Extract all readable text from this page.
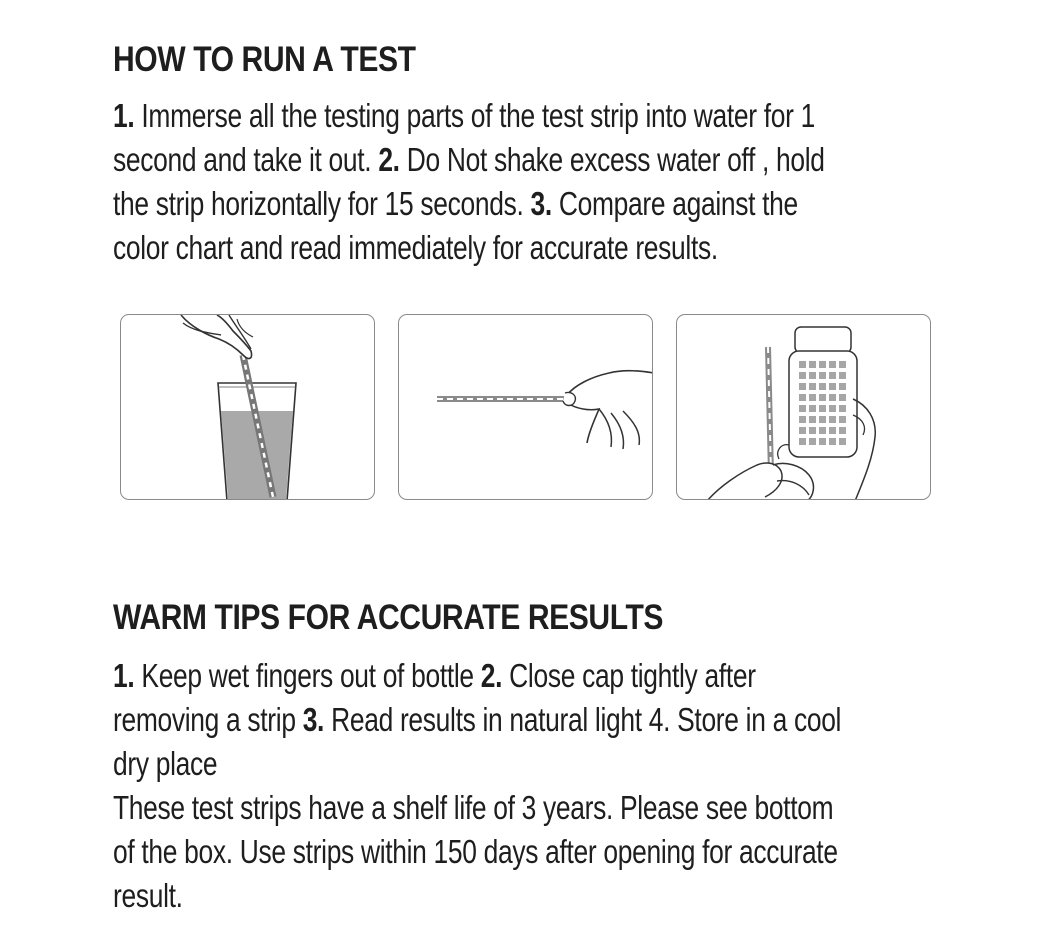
HOW TO RUN A TEST
1. Immerse all the testing parts of the test strip into water for 1
second and take it out. 2. Do Not shake excess water off , hold
the strip horizontally for 15 seconds. 3. Compare against the
color chart and read immediately for accurate results.
WARM TIPS FOR ACCURATE RESULTS
1. Keep wet fingers out of bottle 2. Close cap tightly after
removing a strip 3. Read results in natural light 4. Store in a cool
dry place
These test strips have a shelf life of 3 years. Please see bottom
of the box. Use strips within 150 days after opening for accurate
result.
